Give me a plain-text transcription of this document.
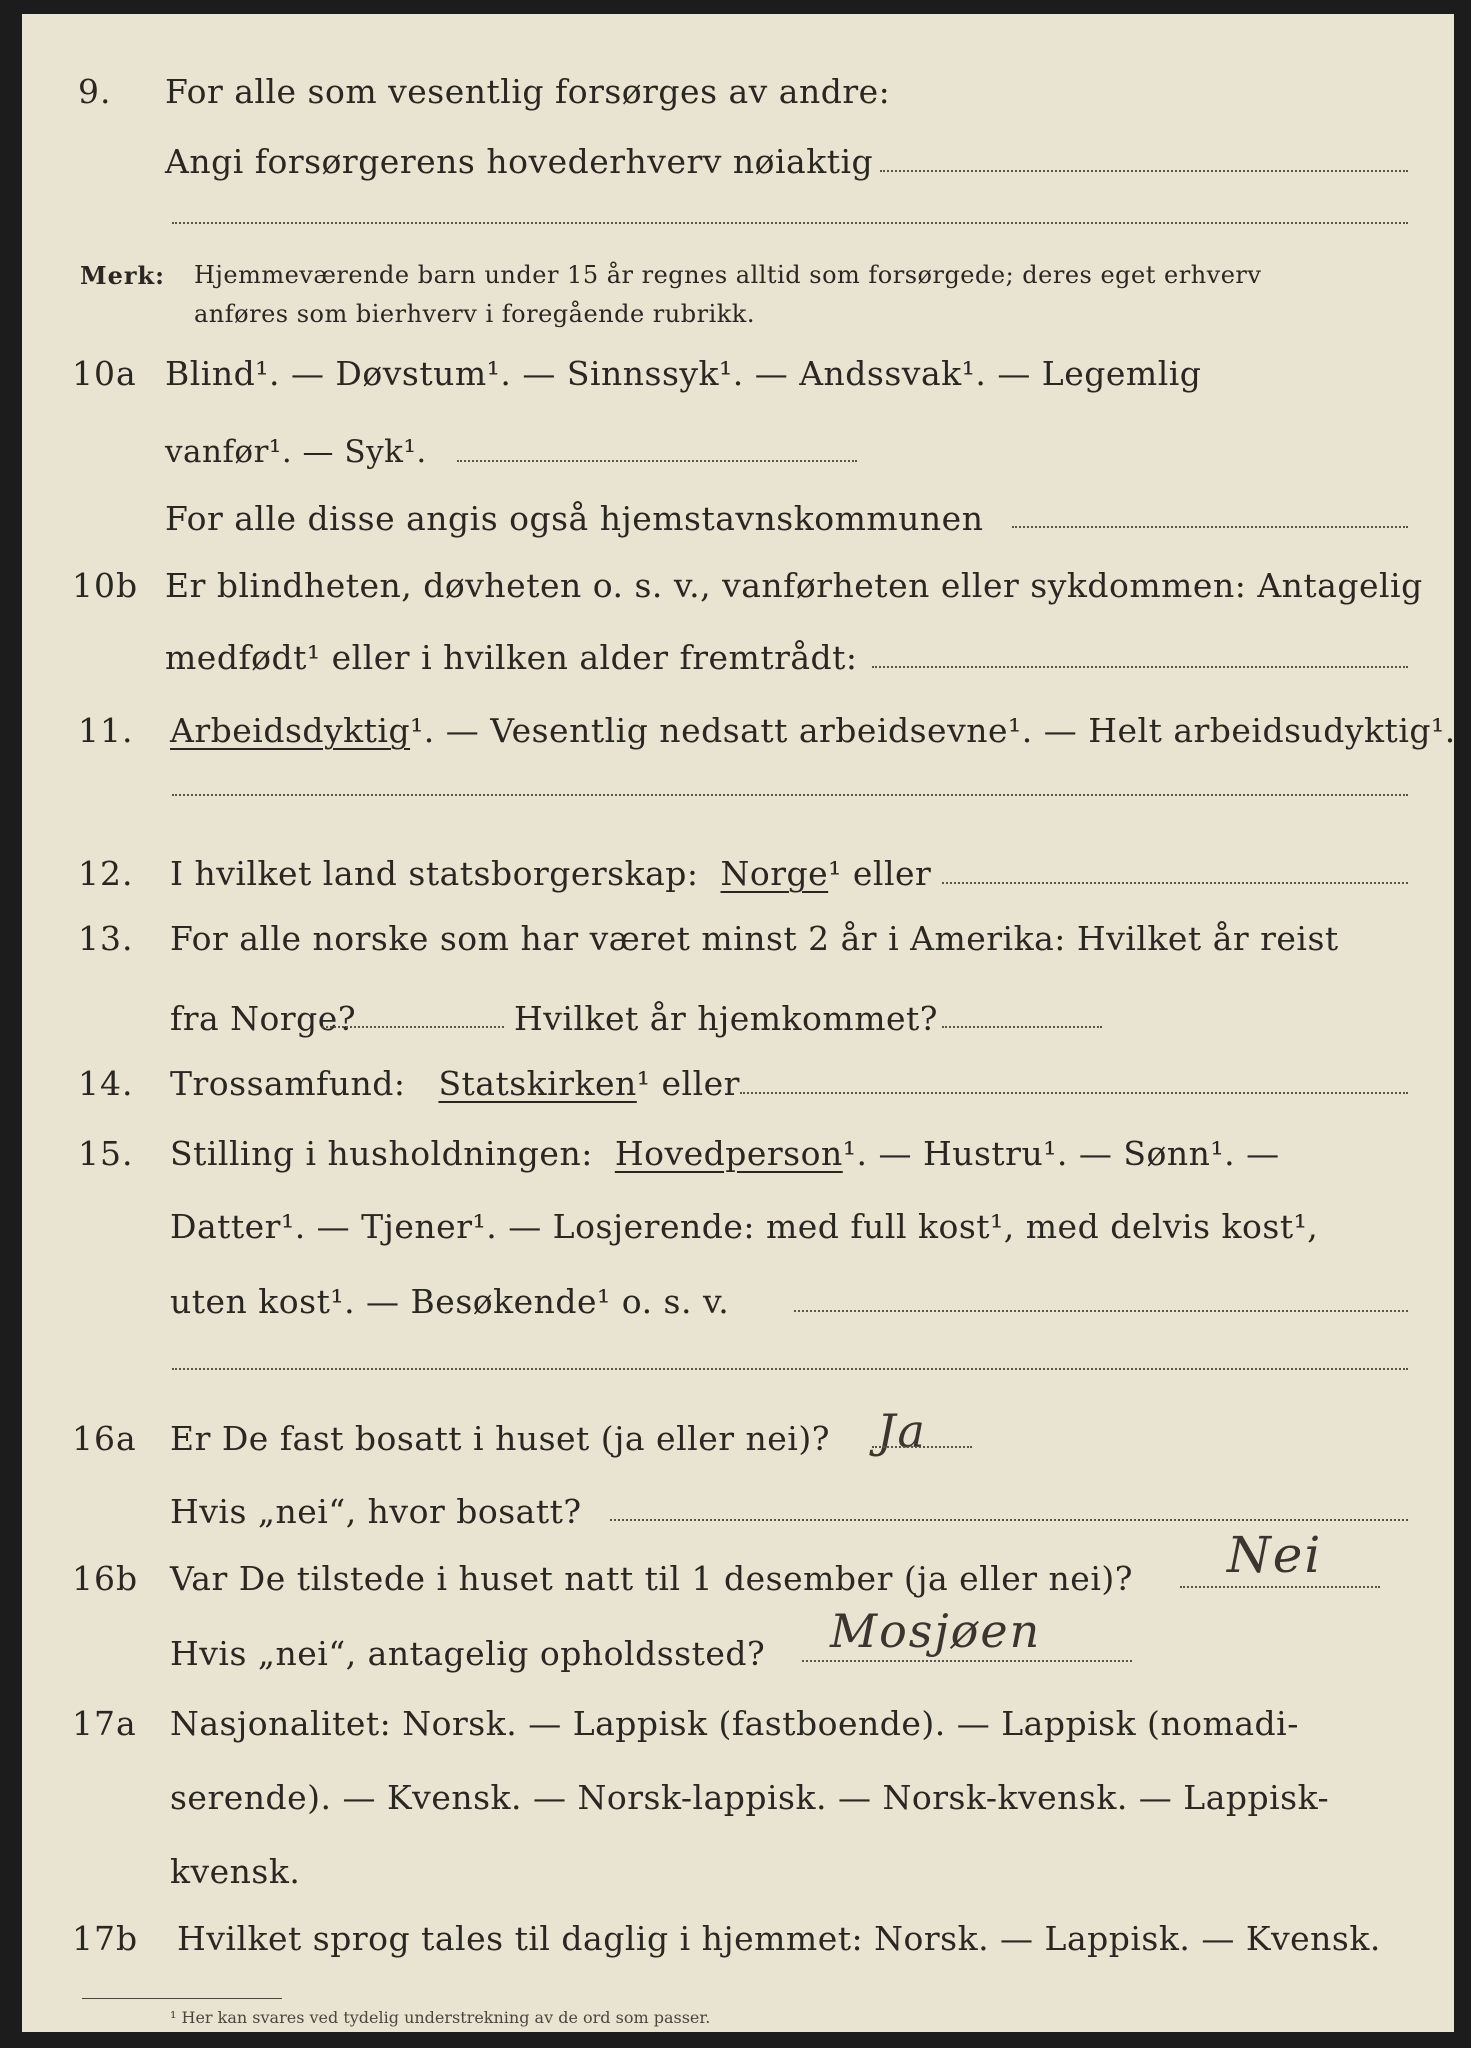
9. For alle som vesentlig forsørges av andre:
Angi forsørgerens hovederhverv nøiaktig
Merk: Hjemmeværende barn under 15 år regnes alltid som forsørgede; deres eget erhverv
anføres som bierhverv i foregående rubrikk.
10a Blind¹. — Døvstum¹. — Sinnssyk¹. — Andssvak¹. — Legemlig
vanfør¹. — Syk¹.
For alle disse angis også hjemstavnskommunen
10b Er blindheten, døvheten o. s. v., vanførheten eller sykdommen: Antagelig
medfødt¹ eller i hvilken alder fremtrådt:
11. Arbeidsdyktig¹. — Vesentlig nedsatt arbeidsevne¹. — Helt arbeidsudyktig¹.
12. I hvilket land statsborgerskap: Norge¹ eller
13. For alle norske som har været minst 2 år i Amerika: Hvilket år reist
fra Norge?	Hvilket år hjemkommet?
14. Trossamfund: Statskirken¹ eller
15. Stilling i husholdningen: Hovedperson¹. — Hustru¹. — Sønn¹. —
Datter¹. — Tjener¹. — Losjerende: med full kost¹, med delvis kost¹,
uten kost¹. — Besøkende¹ o. s. v.
16a Er De fast bosatt i huset (ja eller nei)? Ja
Hvis „nei“, hvor bosatt?
16b Var De tilstede i huset natt til 1 desember (ja eller nei)? Nei
Hvis „nei“, antagelig opholdssted? Mosjøen
17a Nasjonalitet: Norsk. — Lappisk (fastboende). — Lappisk (nomadi-
serende). — Kvensk. — Norsk-lappisk. — Norsk-kvensk. — Lappisk-
kvensk.
17b Hvilket sprog tales til daglig i hjemmet: Norsk. — Lappisk. — Kvensk.
¹ Her kan svares ved tydelig understrekning av de ord som passer.
